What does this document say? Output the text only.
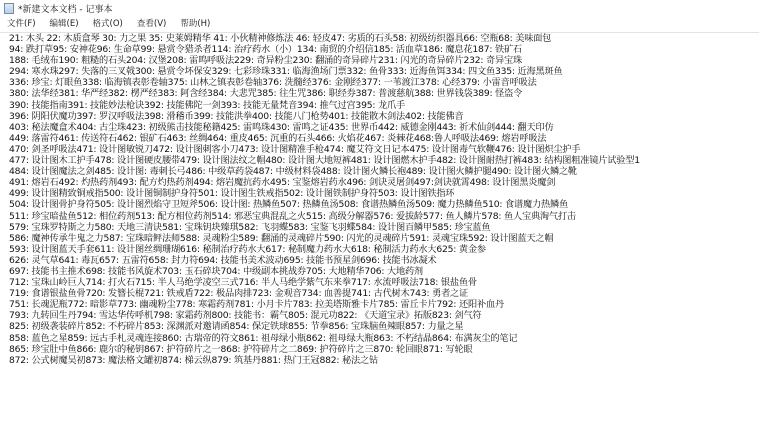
*新建文本文档 - 记事本
文件(F)	编辑(E)	格式(O)	查看(V)	帮助(H)
21: 木头 22: 木质盒琴 30: 力之果 35: 史莱姆精华 41: 小伙精神修炼法 46: 轻皮47: 劣质的石头58: 初级纺织器具66: 空瓶68: 美味面包
94: 跌打草95: 安神花96: 生命草99: 悬赏令猎杀者114: 治疗药水（小）134: 南贸的介绍信185: 活血草186: 魔息花187: 铁矿石
188: 毛绒布190: 粗糙的石头204: 汉堡208: 雷鸣呼吸法229: 奇异粉尘230: 翻涌的奇异碎片231: 闪光的奇异碎片232: 奇异宝珠
294: 寒水珠297: 失落的三叉戟300: 悬赏令坏保安329: 七彩珍珠331: 临海渔场门票332: 鱼骨333: 近海鱼饵334: 四文鱼335: 近海黑斑鱼
336: 珍宝: 灯眼鱼338: 临海镇表彰卷轴375: 山林之镇表彰卷轴376: 洗髓经376: 金刚经377: 一苇渡江378: 心经379: 小雷音呼吸法
380: 法华经381: 华严经382: 楞严经383: 阿含经384: 大悲咒385: 往生咒386: 职经券387: 普渡慈航388: 世界钱袋389: 怪盗令
390: 技能指南391: 技能妙法枪诀392: 技能佛陀一剑393: 技能无量梵音394: 推气过宫395: 龙爪手
396: 阴阳伏魔功397: 罗汉呼吸法398: 滑稽币399: 技能洪拳400: 技能八门枪势401: 技能散木剑法402: 技能佛音
403: 秘法魔盒术404: 古尘珠423: 初级熊击技能秘籍425: 雷鸣珠430: 雷鸣之证435: 世界币442: 威德金刚443: 祈术仙剑444: 翻天印仿
449: 落雷符461: 传送符石462: 银矿石463: 丝绸464: 重皮465: 沉重的石头466: 火焰花467: 炎棘花468:鲁人呼吸法469: 熔岩呼吸法
470: 剑圣呼吸法471: 设计图敏锐刀472: 设计图刺客小刀473: 设计图精准手枪474: 魔艾符文日记本475: 设计图毒气软鞭476: 设计图炽尘护手
477: 设计图木工护手478: 设计图硬皮腰带479: 设计图法纹之帽480: 设计图大地短裤481: 设计图燃木护手482: 设计图耐热打裤483: 结构图粗准镜片试验型1
484: 设计图魔法之剑485: 设计图: 毒刺长弓486: 中级草药袋487: 中级材料袋488: 设计图火鳞长袍489: 设计图火鳞护腿490: 设计图火鳞之靴
491: 熔岩石492: 灼热药剂493: 配方灼热药剂494: 熔岩魔抗药水495: 宝鉴熔岩药水496: 剑诀灵屠剑497:剑诀就霄498: 设计图黑炎魔剑
499: 设计图精致铜戒指500: 设计图铜制护身符501: 设计图生铁戒指502: 设计图铁制护身符503: 设计图铁指环
504: 设计图骨护身符505: 设计图烈焰守卫短斧506: 设计图: 热鳞鱼507: 热鳞鱼汤508: 食谱热鳞鱼汤509: 魔力热鳞鱼510: 食谱魔力热鳞鱼
511: 珍宝暗盐鱼512: 相位药剂513: 配方相位药剂514: 邪恶宝典混乱之火515: 高级分解器576: 爱拔龄577: 鱼人鳞片578: 鱼人宝典淘气打击
579: 宝珠罗特斯之力580: 天地三清诀581: 宝珠钥块臻琪582: 飞羽蝶583: 宝鉴飞羽蝶584: 设计图百鳞甲585: 珍宝蓝鱼
586: 魔神传承牛鬼之力587: 宝珠暗鲆法师588: 灵魂粉尘589: 翻涌的灵魂碎片590: 闪光的灵魂碎片591: 灵魂宝珠592: 设计图蓝天之帽
593: 设计图蓝天手套611: 设计图丝绸珊瑚616: 秘制治疗药水大617: 秘制魔力药水大618: 秘制活力药水大625: 黄金参
626: 灵气草641: 毒瓦657: 五雷符658: 封力符694: 技能书美术波动695: 技能书预星剑696: 技能书冰凝术
697: 技能书主推术698: 技能书风旋术703: 玉石碎块704: 中级副本挑战券705: 大地精华706: 大地药剂
712: 宝珠山岭巨人714: 打火石715: 半人马绝学凌空三式716: 半人马绝学紫气东来拳717: 水流呼吸法718: 银盐鱼骨
719: 食谱银盐鱼骨720: 发簪长棍721: 铁戒盾722: 极品肉排723: 金观音734: 血善提741: 古代树木743: 勇者之证
751: 长魂泥瓶772: 暗影草773: 幽魂粉尘778: 寒霜药剂781: 小月卡片783: 拉美塔斯雅卡片785: 雷丘卡片792: 还阳补血丹
793: 九转回生丹794: 雪达华传呼机798: 家霜药剂800: 技能书：霸气805: 混元功822: 《天道宝录》拓版823: 剑气符
825: 初级袭装碎片852: 不朽碎片853: 深渊派对邀请函854: 保定铁球855: 节拳856: 宝珠脑鱼辣眼857: 力量之星
858: 蓝色之星859: 远古手札灵魂连接860: 古瑞帝的符文861: 祖母绿小瓶862: 祖母绿大瓶863: 不朽结晶864: 布满灰尘的笔记
865: 珍宝肚中鱼866: 鹿尔的秘钥867: 护符碎片之一868: 护符碎片之二869: 护符碎片之三870: 轮回眼871: 写轮眼
872: 公式树魔吴初873: 魔法格文罐初874: 梯云纵879: 筑基丹881: 热门王冠882: 秘法之钻
